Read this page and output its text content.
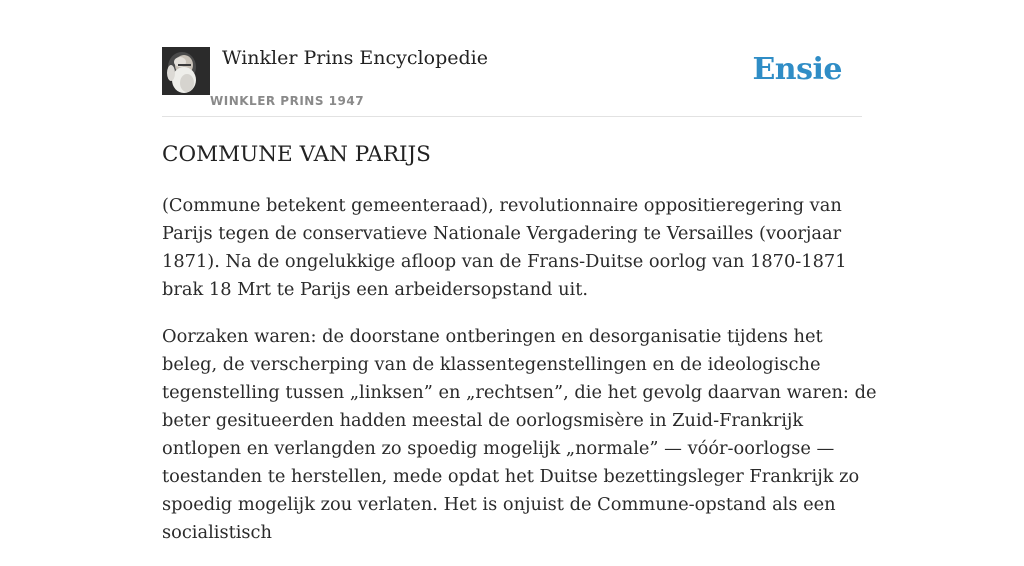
Winkler Prins Encyclopedie
WINKLER PRINS 1947
Ensie
COMMUNE VAN PARIJS

(Commune betekent gemeenteraad), revolutionnaire oppositieregering van Parijs tegen de conservatieve Nationale Vergadering te Versailles (voorjaar 1871). Na de ongelukkige afloop van de Frans-Duitse oorlog van 1870-1871 brak 18 Mrt te Parijs een arbeidersopstand uit.

Oorzaken waren: de doorstane ontberingen en desorganisatie tijdens het beleg, de verscherping van de klassentegenstellingen en de ideologische tegenstelling tussen „linksen” en „rechtsen”, die het gevolg daarvan waren: de beter gesitueerden hadden meestal de oorlogsmisère in Zuid-Frankrijk ontlopen en verlangden zo spoedig mogelijk „normale” — vóór-oorlogse — toestanden te herstellen, mede opdat het Duitse bezettingsleger Frankrijk zo spoedig mogelijk zou verlaten. Het is onjuist de Commune-opstand als een socialistisch
